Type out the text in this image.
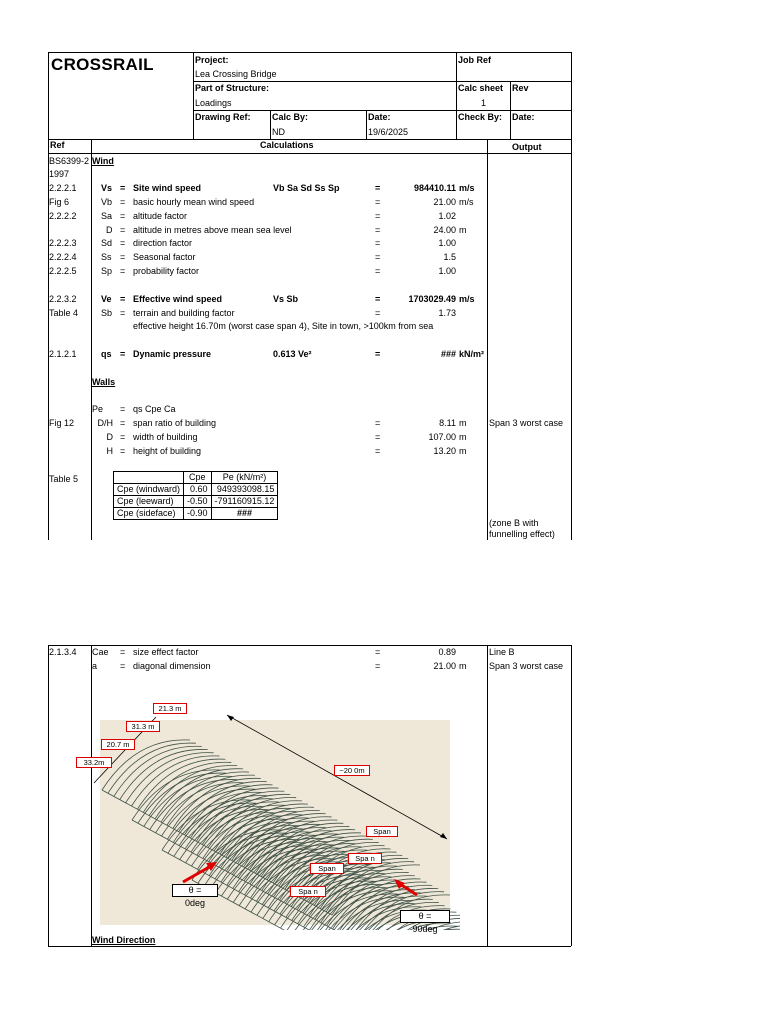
CROSSRAIL	Project:
Lea Crossing Bridge
Job Ref
Part of Structure:
Loadings
Calc sheet
1
Rev
Drawing Ref: Calc By:
ND
Date:
19/6/2025
Check By: Date:
Ref	Calculations	Output
BS6399-2 Wind
1997
2.2.2.1	Vs = Site wind speed	Vb Sa Sd Ss Sp	=	984410.11 m/s
Fig 6	Vb = basic hourly mean wind speed	=	21.00 m/s
2.2.2.2	Sa = altitude factor	=	1.02
D = altitude in metres above mean sea level	=	24.00 m
2.2.2.3	Sd = direction factor	=	1.00
2.2.2.4	Ss = Seasonal factor	=	1.5
2.2.2.5	Sp = probability factor	=	1.00
2.2.3.2	Ve = Effective wind speed	Vs Sb	=	1703029.49 m/s
Table 4	Sb = terrain and building factor	=	1.73
effective height 16.70m (worst case span 4), Site in town, >100km from sea
2.1.2.1	qs = Dynamic pressure	0.613 Ve²	=	### kN/m²
Walls
Pe = qs Cpe Ca
Fig 12	D/H = span ratio of building	=	8.11 m	Span 3 worst case
D = width of building	=	107.00 m
H = height of building	=	13.20 m
Table 5
		Cpe	Pe (kN/m²)
Cpe (windward)	0.60	949393098.15
Cpe (leeward)	-0.50	-791160915.12
Cpe (sideface)	-0.90	###
(zone B with
funnelling effect)
2.1.3.4 Cae = size effect factor	=	0.89	Line B
a	= diagonal dimension	=	21.00 m	Span 3 worst case
21.3 m
31.3 m
20.7 m
33.2m
~20 0m
Span
Spa n
Span
Spa n
θ =
0deg
θ =
90deg
Wind Direction
